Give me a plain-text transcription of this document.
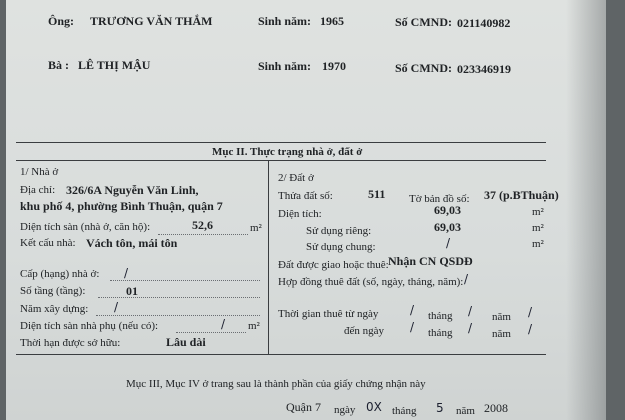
Ông: TRƯƠNG VĂN THẮM	Sinh năm: 1965	Số CMND: 021140982
Bà : LÊ THỊ MẬU	Sinh năm: 1970	Số CMND: 023346919
Mục II. Thực trạng nhà ở, đất ở
1/ Nhà ở
Địa chỉ: 326/6A Nguyễn Văn Linh,
khu phố 4, phường Bình Thuận, quận 7
Diện tích sàn (nhà ở, căn hộ):	52,6	m²
Kết cấu nhà: Vách tôn, mái tôn
Cấp (hạng) nhà ở: /
Số tầng (tầng):	01
Năm xây dựng: /
Diện tích sàn nhà phụ (nếu có):	/ m²
Thời hạn được sở hữu:	Lâu dài
2/ Đất ở
Thửa đất số:	511 Tờ bản đồ số: 37 (p.BThuận)
Diện tích:	69,03	m²
Sử dụng riêng:	69,03	m²
Sử dụng chung:	/	m²
Đất được giao hoặc thuê: Nhận CN QSDĐ
Hợp đồng thuê đất (số, ngày, tháng, năm): /
Thời gian thuê từ ngày	/ tháng / năm /
đến ngày / tháng / năm /
Mục III, Mục IV ở trang sau là thành phần của giấy chứng nhận này
Quận 7 ngày 0X tháng 5 năm 2008
